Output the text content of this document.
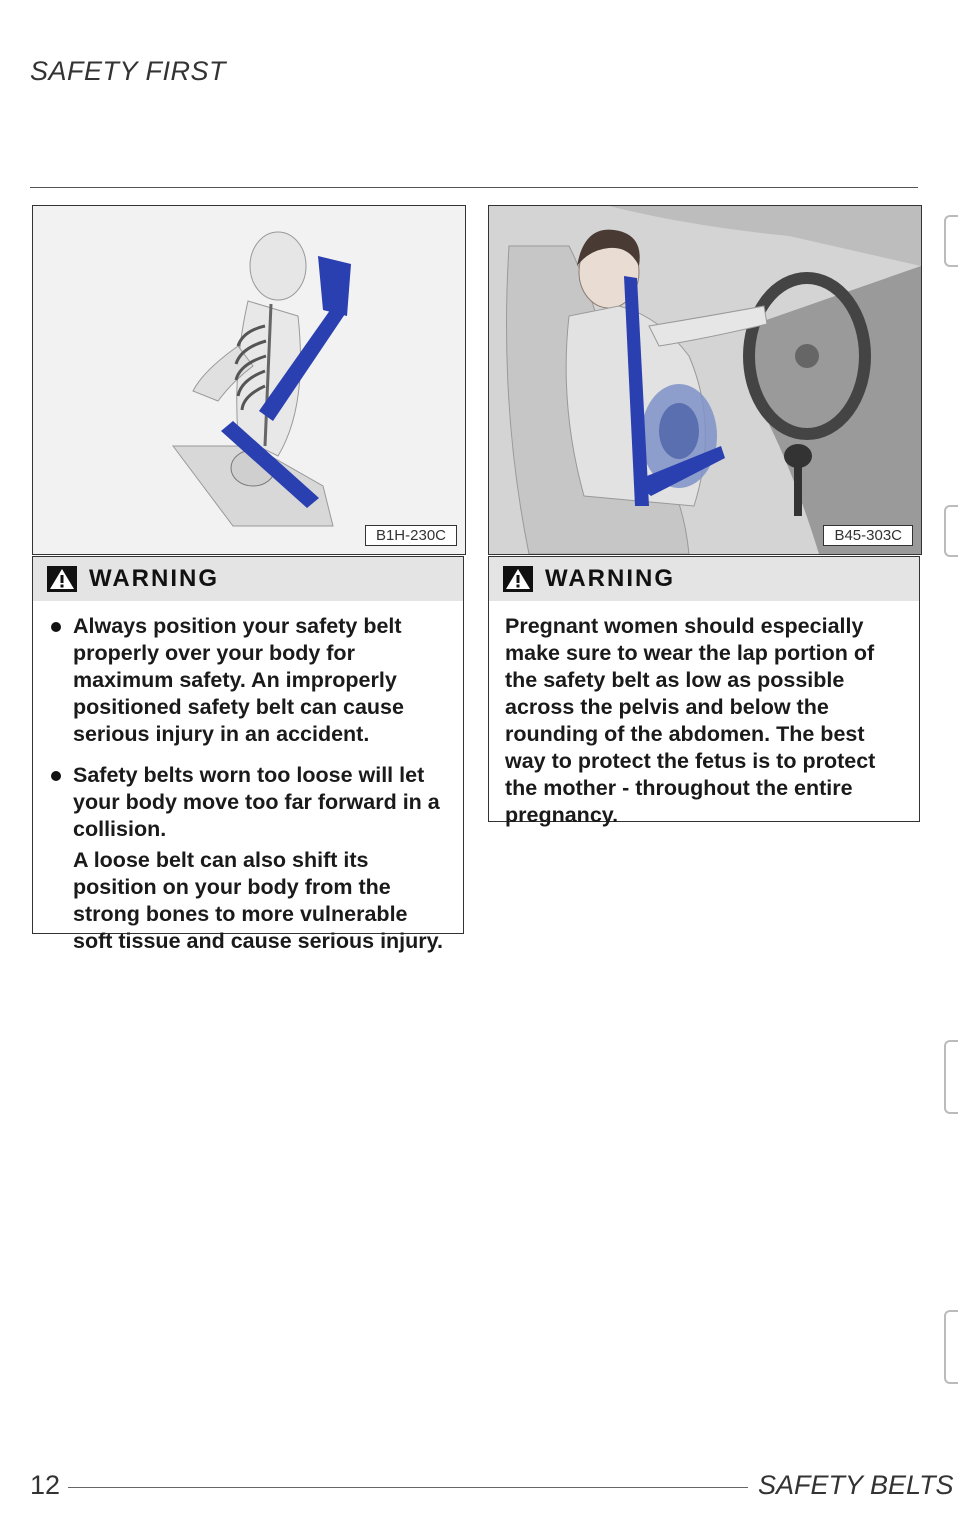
SAFETY FIRST
B1H-230C	B45-303C
WARNING

Always position your safety belt properly over your body for maximum safety. An improperly positioned safety belt can cause serious injury in an accident.

Safety belts worn too loose will let your body move too far forward in a collision.

A loose belt can also shift its position on your body from the strong bones to more vulnerable soft tissue and cause serious injury.

WARNING

Pregnant women should especially make sure to wear the lap portion of the safety belt as low as possible across the pelvis and below the rounding of the abdomen. The best way to protect the fetus is to protect the mother - throughout the entire pregnancy.

12	SAFETY BELTS
